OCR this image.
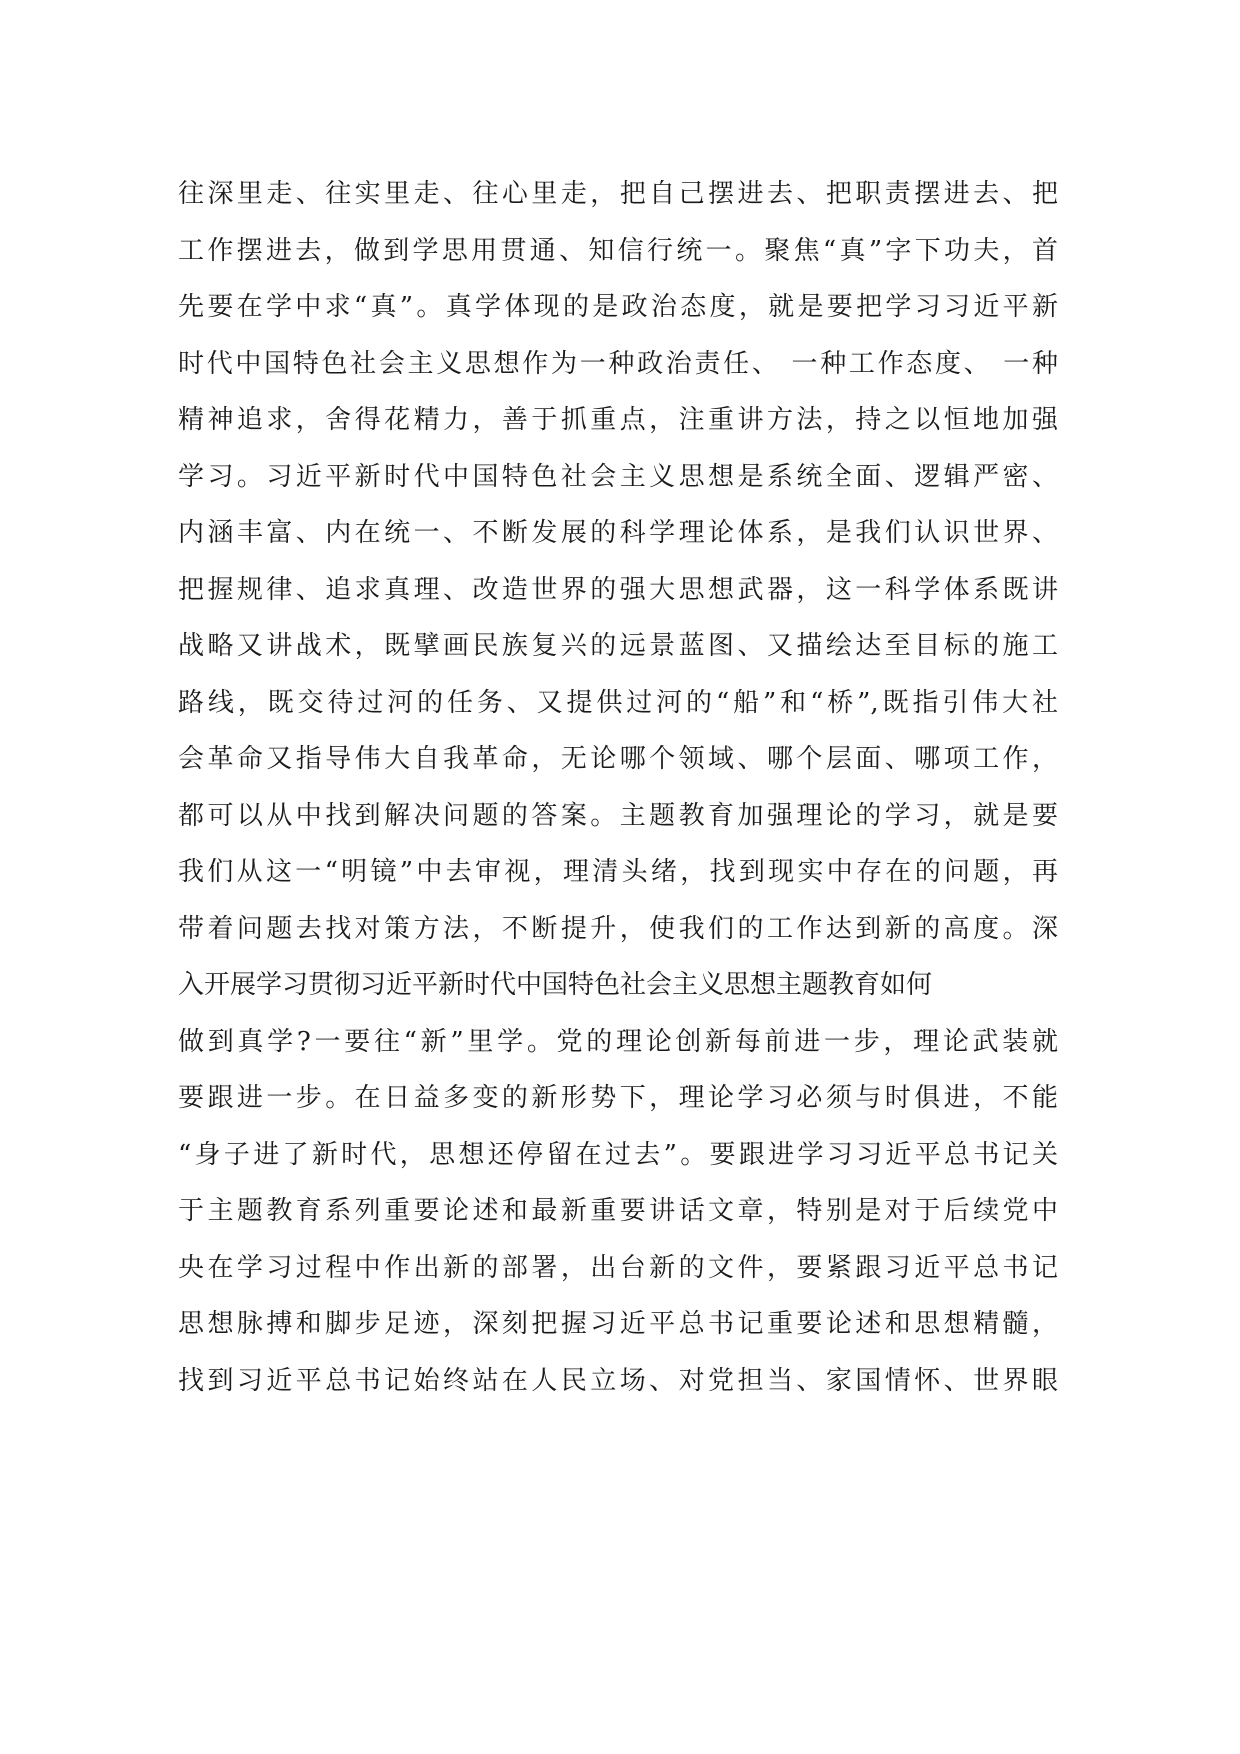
往深里走、往实里走、往心里走，把自己摆进去、把职责摆进去、把
工作摆进去，做到学思用贯通、知信行统一。聚焦“真”字下功夫，首
先要在学中求“真”。真学体现的是政治态度，就是要把学习习近平新
时代中国特色社会主义思想作为一种政治责任、 一种工作态度、 一种
精神追求，舍得花精力，善于抓重点，注重讲方法，持之以恒地加强
学习。习近平新时代中国特色社会主义思想是系统全面、逻辑严密、
内涵丰富、内在统一、不断发展的科学理论体系，是我们认识世界、
把握规律、追求真理、改造世界的强大思想武器，这一科学体系既讲
战略又讲战术，既擘画民族复兴的远景蓝图、又描绘达至目标的施工
路线，既交待过河的任务、又提供过河的“船”和“桥”,既指引伟大社
会革命又指导伟大自我革命，无论哪个领域、哪个层面、哪项工作，
都可以从中找到解决问题的答案。主题教育加强理论的学习，就是要
我们从这一“明镜”中去审视，理清头绪，找到现实中存在的问题，再
带着问题去找对策方法，不断提升，使我们的工作达到新的高度。深
入开展学习贯彻习近平新时代中国特色社会主义思想主题教育如何
做到真学?一要往“新”里学。党的理论创新每前进一步，理论武装就
要跟进一步。在日益多变的新形势下，理论学习必须与时俱进，不能
“身子进了新时代，思想还停留在过去”。要跟进学习习近平总书记关
于主题教育系列重要论述和最新重要讲话文章，特别是对于后续党中
央在学习过程中作出新的部署，出台新的文件，要紧跟习近平总书记
思想脉搏和脚步足迹，深刻把握习近平总书记重要论述和思想精髓，
找到习近平总书记始终站在人民立场、对党担当、家国情怀、世界眼
